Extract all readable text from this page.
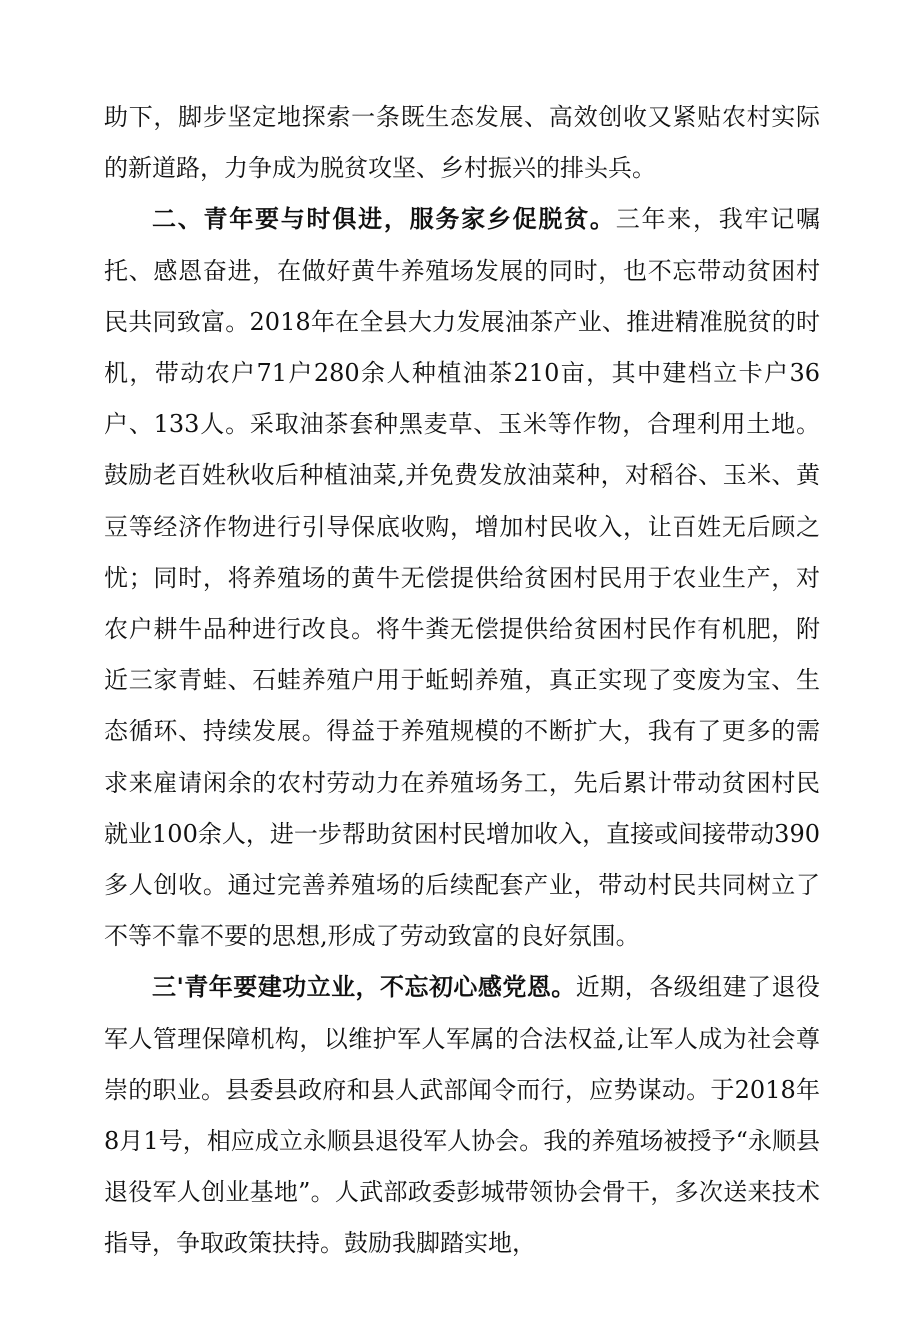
助下，脚步坚定地探索一条既生态发展、高效创收又紧贴农村实际的新道路，力争成为脱贫攻坚、乡村振兴的排头兵。

二、青年要与时俱进，服务家乡促脱贫。三年来，我牢记嘱托、感恩奋进，在做好黄牛养殖场发展的同时，也不忘带动贫困村民共同致富。2018年在全县大力发展油茶产业、推进精准脱贫的时机，带动农户71户280余人种植油茶210亩，其中建档立卡户36户、133人。采取油茶套种黑麦草、玉米等作物，合理利用土地。鼓励老百姓秋收后种植油菜,并免费发放油菜种，对稻谷、玉米、黄豆等经济作物进行引导保底收购，增加村民收入，让百姓无后顾之忧；同时，将养殖场的黄牛无偿提供给贫困村民用于农业生产，对农户耕牛品种进行改良。将牛粪无偿提供给贫困村民作有机肥，附近三家青蛙、石蛙养殖户用于蚯蚓养殖，真正实现了变废为宝、生态循环、持续发展。得益于养殖规模的不断扩大，我有了更多的需求来雇请闲余的农村劳动力在养殖场务工，先后累计带动贫困村民就业100余人，进一步帮助贫困村民增加收入，直接或间接带动390多人创收。通过完善养殖场的后续配套产业，带动村民共同树立了不等不靠不要的思想,形成了劳动致富的良好氛围。

三'青年要建功立业，不忘初心感党恩。近期，各级组建了退役军人管理保障机构，以维护军人军属的合法权益,让军人成为社会尊崇的职业。县委县政府和县人武部闻令而行，应势谋动。于2018年8月1号，相应成立永顺县退役军人协会。我的养殖场被授予“永顺县退役军人创业基地”。人武部政委彭城带领协会骨干，多次送来技术指导，争取政策扶持。鼓励我脚踏实地，
